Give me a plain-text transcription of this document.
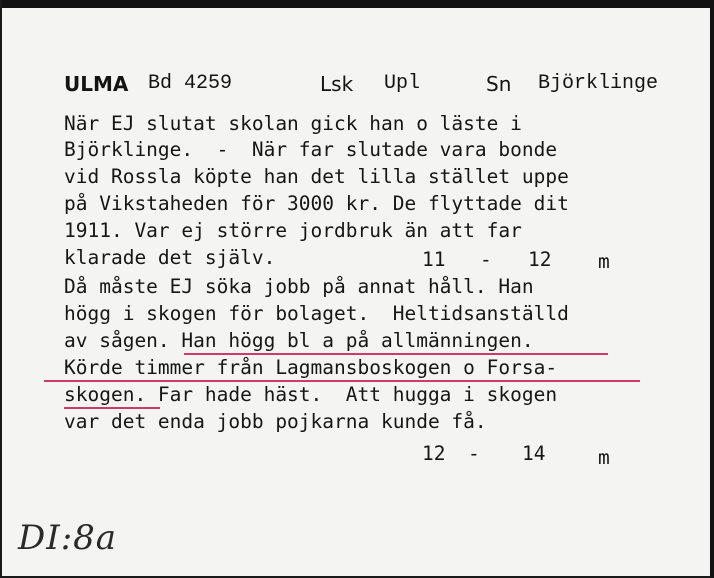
ULMA Bd 4259	Lsk Upl	Sn Björklinge
När EJ slutat skolan gick han o läste i
Björklinge.  -  När far slutade vara bonde
vid Rossla köpte han det lilla stället uppe
på Vikstaheden för 3000 kr. De flyttade dit
1911. Var ej större jordbruk än att far
klarade det själv.	11 - 12 m
Då måste EJ söka jobb på annat håll. Han
högg i skogen för bolaget.  Heltidsanställd
av sågen. Han högg bl a på allmänningen.
Körde timmer från Lagmansboskogen o Forsa-
skogen. Far hade häst.  Att hugga i skogen
var det enda jobb pojkarna kunde få.
12 - 14	m
DI:8a
